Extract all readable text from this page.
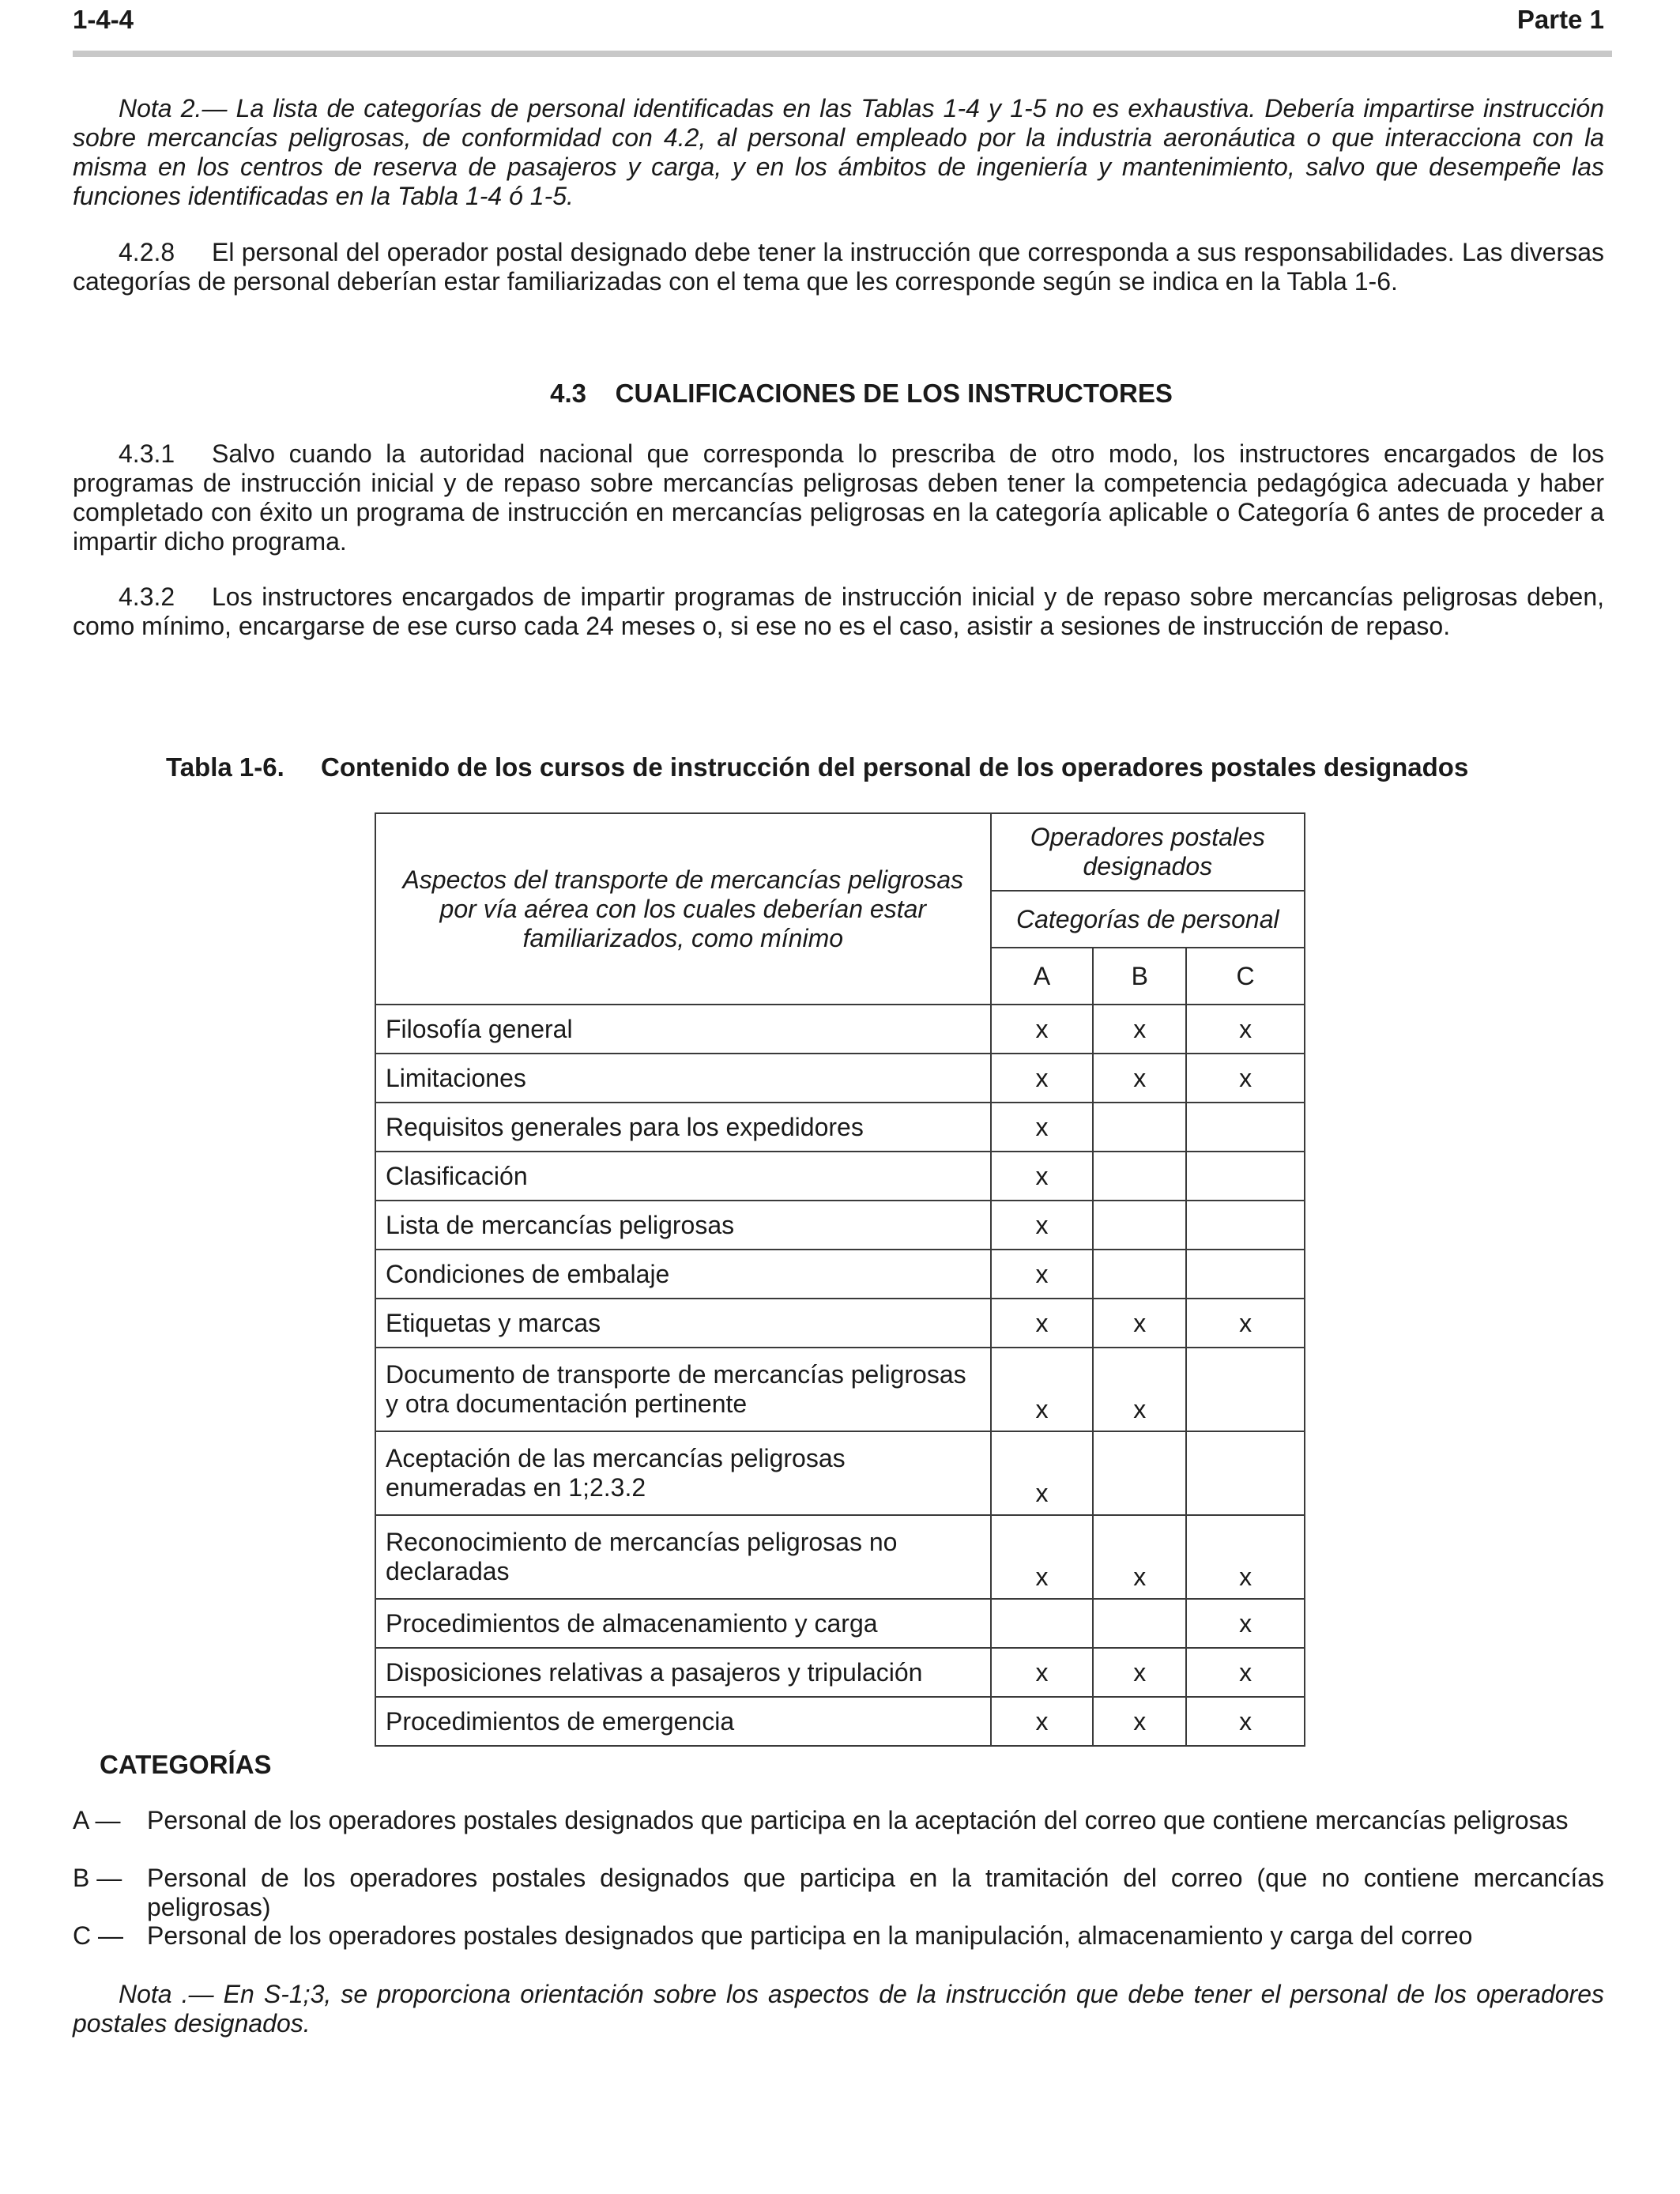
1-4-4	Parte 1
Nota 2.— La lista de categorías de personal identificadas en las Tablas 1-4 y 1-5 no es exhaustiva. Debería impartirse instrucción sobre mercancías peligrosas, de conformidad con 4.2, al personal empleado por la industria aeronáutica o que interacciona con la misma en los centros de reserva de pasajeros y carga, y en los ámbitos de ingeniería y mantenimiento, salvo que desempeñe las funciones identificadas en la Tabla 1-4 ó 1-5.
4.2.8 El personal del operador postal designado debe tener la instrucción que corresponda a sus responsabilidades. Las diversas categorías de personal deberían estar familiarizadas con el tema que les corresponde según se indica en la Tabla 1-6.
4.3    CUALIFICACIONES DE LOS INSTRUCTORES
4.3.1 Salvo cuando la autoridad nacional que corresponda lo prescriba de otro modo, los instructores encargados de los programas de instrucción inicial y de repaso sobre mercancías peligrosas deben tener la competencia pedagógica adecuada y haber completado con éxito un programa de instrucción en mercancías peligrosas en la categoría aplicable o Categoría 6 antes de proceder a impartir dicho programa.
4.3.2 Los instructores encargados de impartir programas de instrucción inicial y de repaso sobre mercancías peligrosas deben, como mínimo, encargarse de ese curso cada 24 meses o, si ese no es el caso, asistir a sesiones de instrucción de repaso.
Tabla 1-6. Contenido de los cursos de instrucción del personal de los operadores postales designados
Aspectos del transporte de mercancías peligrosas por vía aérea con los cuales deberían estar familiarizados, como mínimo	Operadores postales designados		
	Categorías de personal		
	A	B	C
Filosofía general	x	x	x
Limitaciones	x	x	x
Requisitos generales para los expedidores	x		
Clasificación	x		
Lista de mercancías peligrosas	x		
Condiciones de embalaje	x		
Etiquetas y marcas	x	x	x
Documento de transporte de mercancías peligrosas y otra documentación pertinente	x	x	
Aceptación de las mercancías peligrosas enumeradas en 1;2.3.2	x		
Reconocimiento de mercancías peligrosas no declaradas	x	x	x
Procedimientos de almacenamiento y carga			x
Disposiciones relativas a pasajeros y tripulación	x	x	x
Procedimientos de emergencia	x	x	x
CATEGORÍAS
A —	Personal de los operadores postales designados que participa en la aceptación del correo que contiene mercancías peligrosas
B — Personal de los operadores postales designados que participa en la tramitación del correo (que no contiene mercancías peligrosas)
C — Personal de los operadores postales designados que participa en la manipulación, almacenamiento y carga del correo
Nota .— En S-1;3, se proporciona orientación sobre los aspectos de la instrucción que debe tener el personal de los operadores postales designados.
